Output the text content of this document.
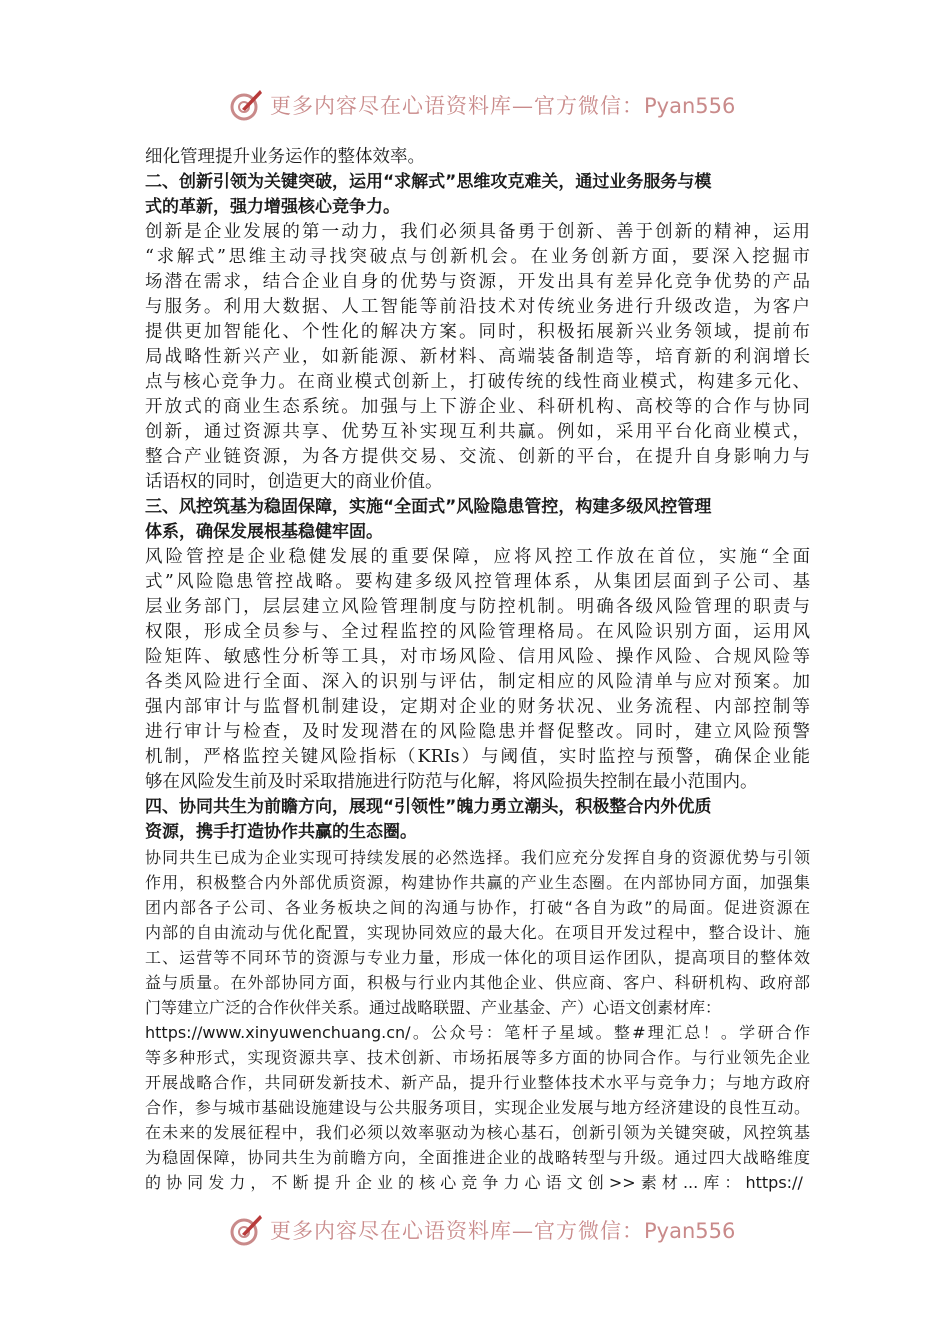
更多内容尽在心语资料库—官方微信：Pyan556
细化管理提升业务运作的整体效率。
二、创新引领为关键突破，运用“求解式”思维攻克难关，通过业务服务与模
式的革新，强力增强核心竞争力。
创新是企业发展的第一动力，我们必须具备勇于创新、善于创新的精神，运用
“求解式”思维主动寻找突破点与创新机会。在业务创新方面，要深入挖掘市
场潜在需求，结合企业自身的优势与资源，开发出具有差异化竞争优势的产品
与服务。利用大数据、人工智能等前沿技术对传统业务进行升级改造，为客户
提供更加智能化、个性化的解决方案。同时，积极拓展新兴业务领域，提前布
局战略性新兴产业，如新能源、新材料、高端装备制造等，培育新的利润增长
点与核心竞争力。在商业模式创新上，打破传统的线性商业模式，构建多元化、
开放式的商业生态系统。加强与上下游企业、科研机构、高校等的合作与协同
创新，通过资源共享、优势互补实现互利共赢。例如，采用平台化商业模式，
整合产业链资源，为各方提供交易、交流、创新的平台，在提升自身影响力与
话语权的同时，创造更大的商业价值。
三、风控筑基为稳固保障，实施“全面式”风险隐患管控，构建多级风控管理
体系，确保发展根基稳健牢固。
风险管控是企业稳健发展的重要保障，应将风控工作放在首位，实施“全面
式”风险隐患管控战略。要构建多级风控管理体系，从集团层面到子公司、基
层业务部门，层层建立风险管理制度与防控机制。明确各级风险管理的职责与
权限，形成全员参与、全过程监控的风险管理格局。在风险识别方面，运用风
险矩阵、敏感性分析等工具，对市场风险、信用风险、操作风险、合规风险等
各类风险进行全面、深入的识别与评估，制定相应的风险清单与应对预案。加
强内部审计与监督机制建设，定期对企业的财务状况、业务流程、内部控制等
进行审计与检查，及时发现潜在的风险隐患并督促整改。同时，建立风险预警
机制，严格监控关键风险指标（KRIs）与阈值，实时监控与预警，确保企业能
够在风险发生前及时采取措施进行防范与化解，将风险损失控制在最小范围内。
四、协同共生为前瞻方向，展现“引领性”魄力勇立潮头，积极整合内外优质
资源，携手打造协作共赢的生态圈。
协同共生已成为企业实现可持续发展的必然选择。我们应充分发挥自身的资源优势与引领
作用，积极整合内外部优质资源，构建协作共赢的产业生态圈。在内部协同方面，加强集
团内部各子公司、各业务板块之间的沟通与协作，打破“各自为政”的局面。促进资源在
内部的自由流动与优化配置，实现协同效应的最大化。在项目开发过程中，整合设计、施
工、运营等不同环节的资源与专业力量，形成一体化的项目运作团队，提高项目的整体效
益与质量。在外部协同方面，积极与行业内其他企业、供应商、客户、科研机构、政府部
门等建立广泛的合作伙伴关系。通过战略联盟、产业基金、产）心语文创素材库：
https://www.xinyuwenchuang.cn/。公众号：笔杆子星域。整#理汇总！。学研合作
等多种形式，实现资源共享、技术创新、市场拓展等多方面的协同合作。与行业领先企业
开展战略合作，共同研发新技术、新产品，提升行业整体技术水平与竞争力；与地方政府
合作，参与城市基础设施建设与公共服务项目，实现企业发展与地方经济建设的良性互动。
在未来的发展征程中，我们必须以效率驱动为核心基石，创新引领为关键突破，风控筑基
为稳固保障，协同共生为前瞻方向，全面推进企业的战略转型与升级。通过四大战略维度
的 协 同 发 力 ， 不 断 提 升 企 业 的 核 心 竞 争 力 心 语 文 创 >> 素 材 ... 库 ： https://
更多内容尽在心语资料库—官方微信：Pyan556
